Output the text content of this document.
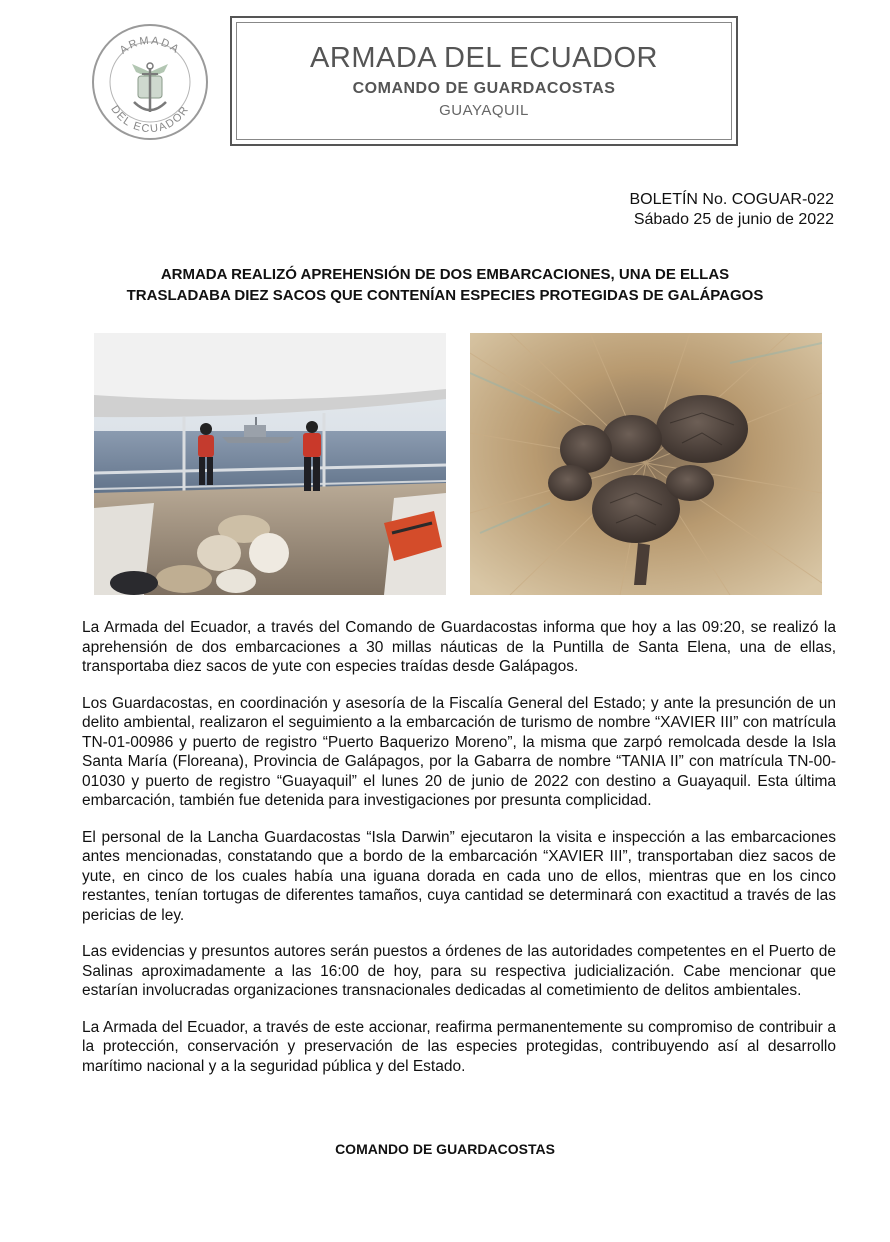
ARMADA
DEL ECUADOR
ARMADA DEL ECUADOR
COMANDO DE GUARDACOSTAS
GUAYAQUIL
BOLETÍN No. COGUAR-022
Sábado 25 de junio de 2022
ARMADA REALIZÓ APREHENSIÓN DE DOS EMBARCACIONES, UNA DE ELLAS
TRASLADABA DIEZ SACOS QUE CONTENÍAN ESPECIES PROTEGIDAS DE GALÁPAGOS

La Armada del Ecuador, a través del Comando de Guardacostas informa que hoy a las 09:20, se realizó la aprehensión de dos embarcaciones a 30 millas náuticas de la Puntilla de Santa Elena, una de ellas, transportaba diez sacos de yute con especies traídas desde Galápagos.

Los Guardacostas, en coordinación y asesoría de la Fiscalía General del Estado; y ante la presunción de un delito ambiental, realizaron el seguimiento a la embarcación de turismo de nombre “XAVIER III” con matrícula TN-01-00986 y puerto de registro “Puerto Baquerizo Moreno”, la misma que zarpó remolcada desde la Isla Santa María (Floreana), Provincia de Galápagos, por la Gabarra de nombre “TANIA II” con matrícula TN-00-01030 y puerto de registro “Guayaquil” el lunes 20 de junio de 2022 con destino a Guayaquil. Esta última embarcación, también fue detenida para investigaciones por presunta complicidad.

El personal de la Lancha Guardacostas “Isla Darwin” ejecutaron la visita e inspección a las embarcaciones antes mencionadas, constatando que a bordo de la embarcación “XAVIER III”, transportaban diez sacos de yute, en cinco de los cuales había una iguana dorada en cada uno de ellos, mientras que en los cinco restantes, tenían tortugas de diferentes tamaños, cuya cantidad se determinará con exactitud a través de las pericias de ley.

Las evidencias y presuntos autores serán puestos a órdenes de las autoridades competentes en el Puerto de Salinas aproximadamente a las 16:00 de hoy, para su respectiva judicialización. Cabe mencionar que estarían involucradas organizaciones transnacionales dedicadas al cometimiento de delitos ambientales.

La Armada del Ecuador, a través de este accionar, reafirma permanentemente su compromiso de contribuir a la protección, conservación y preservación de las especies protegidas, contribuyendo así al desarrollo marítimo nacional y a la seguridad pública y del Estado.

COMANDO DE GUARDACOSTAS
